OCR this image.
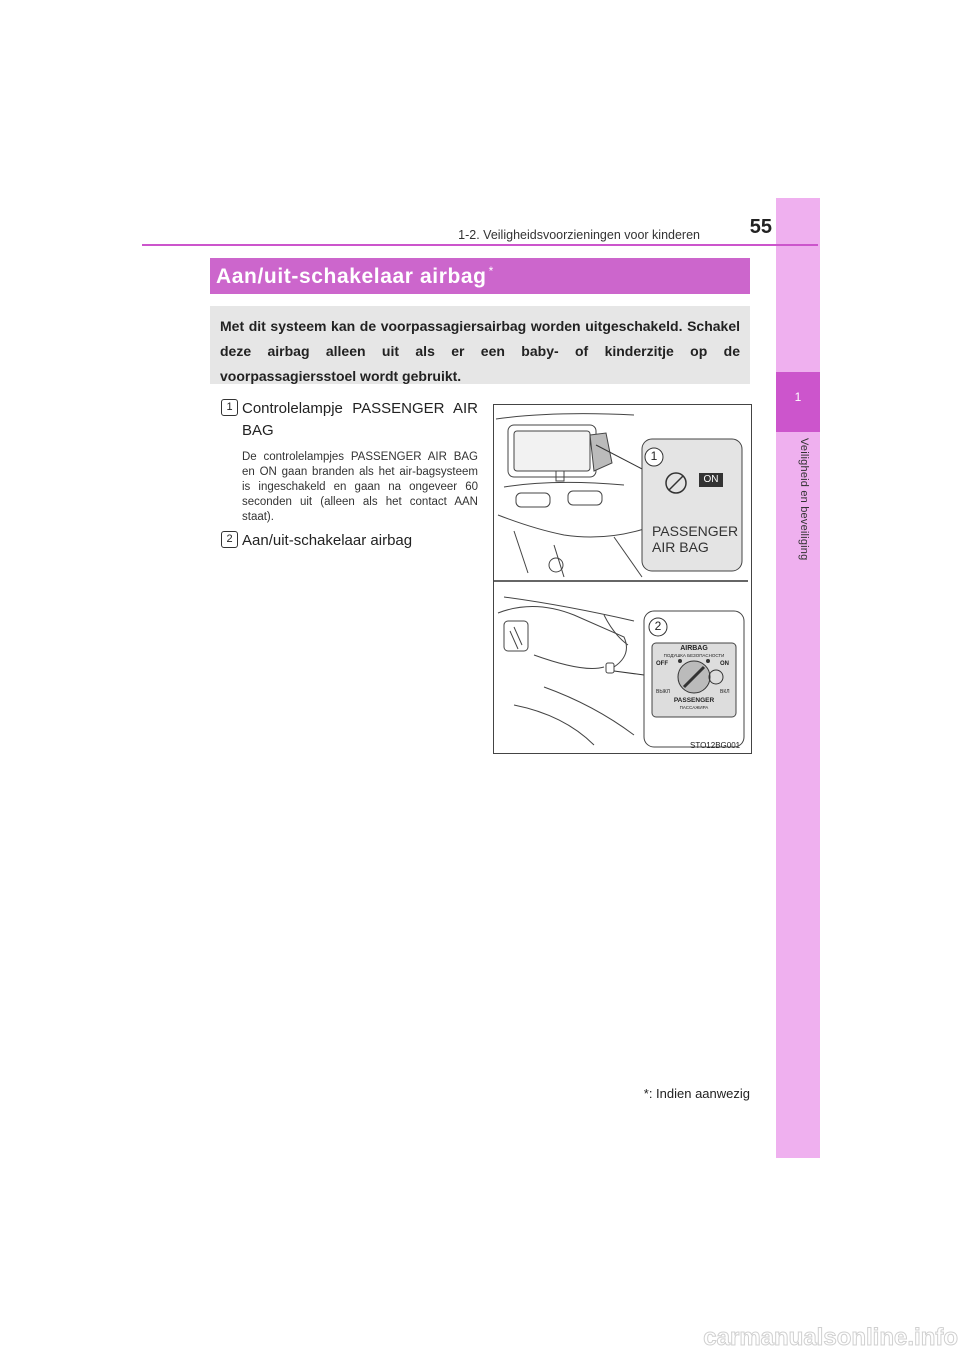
1
Veiligheid en beveiliging
1-2. Veiligheidsvoorzieningen voor kinderen	55
Aan/uit-schakelaar airbag *
Met dit systeem kan de voorpassagiersairbag worden uitgeschakeld. Schakel deze airbag alleen uit als er een baby- of kinderzitje op de voorpassagiersstoel wordt gebruikt.
1 Controlelampje PASSENGER AIR BAG
De controlelampjes PASSENGER AIR BAG en ON gaan branden als het air-bagsysteem is ingeschakeld en gaan na ongeveer 60 seconden uit (alleen als het contact AAN staat).
2 Aan/uit-schakelaar airbag
1
ON
PASSENGER
AIR BAG
2
AIRBAG
ПОДУШКА БЕЗОПАСНОСТИ
OFF	ON
ВЫКЛ	ВКЛ
PASSENGER
ПАССАЖИРА
STO12BG001
*: Indien aanwezig
carmanualsonline.info
